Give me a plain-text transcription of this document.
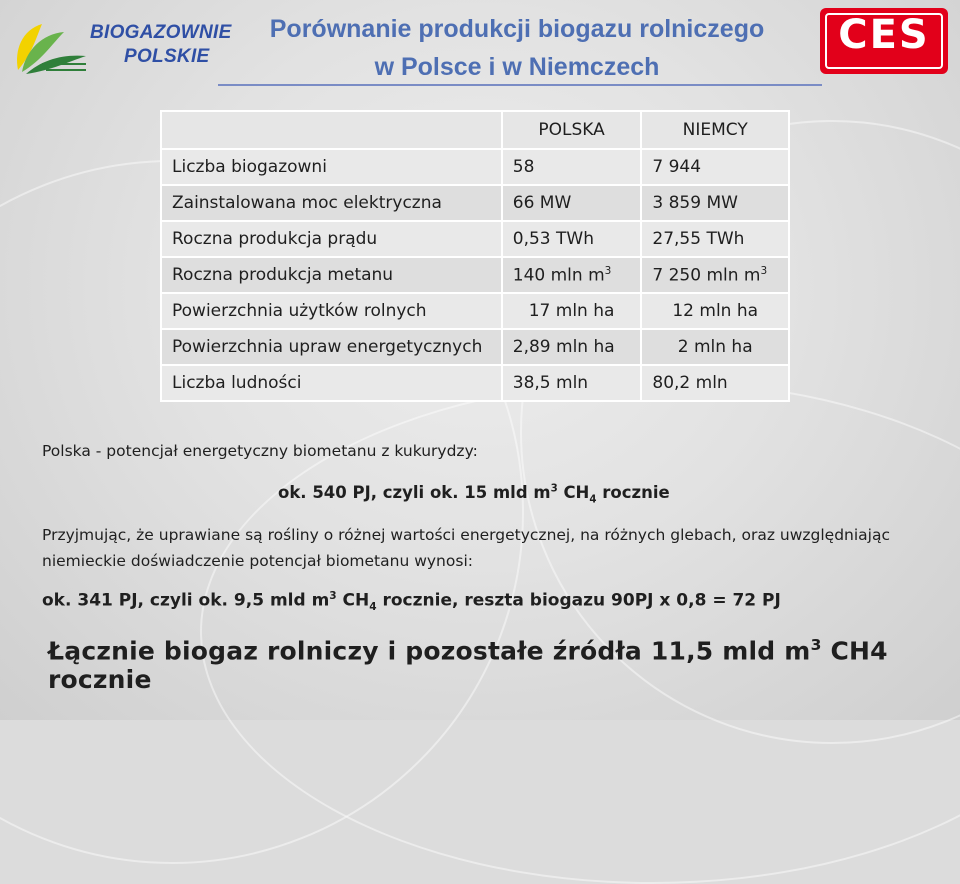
BIOGAZOWNIE
POLSKIE
Porównanie produkcji biogazu rolniczego
w Polsce i w Niemczech
CES
	POLSKA	NIEMCY
Liczba biogazowni	58	7 944
Zainstalowana moc elektryczna	66 MW	3 859 MW
Roczna produkcja prądu	0,53 TWh	27,55 TWh
Roczna produkcja metanu	140 mln $m^3$	7 250 mln $m^3$
Powierzchnia użytków rolnych	17 mln ha	12 mln ha
Powierzchnia upraw energetycznych	2,89 mln ha	2 mln ha
Liczba ludności	38,5 mln	80,2 mln
Polska - potencjał energetyczny biometanu z kukurydzy:
ok. 540 PJ, czyli ok. 15 mld $m^3$ $CH_4$ rocznie
Przyjmując, że uprawiane są rośliny o różnej wartości energetycznej, na różnych glebach, oraz uwzględniając niemieckie doświadczenie potencjał biometanu wynosi:
ok. 341 PJ, czyli ok. 9,5 mld $m^3$ $CH_4$ rocznie, reszta biogazu 90PJ x 0,8 = 72 PJ
Łącznie biogaz rolniczy i pozostałe źródła 11,5 mld $m^3$ CH4 rocznie
